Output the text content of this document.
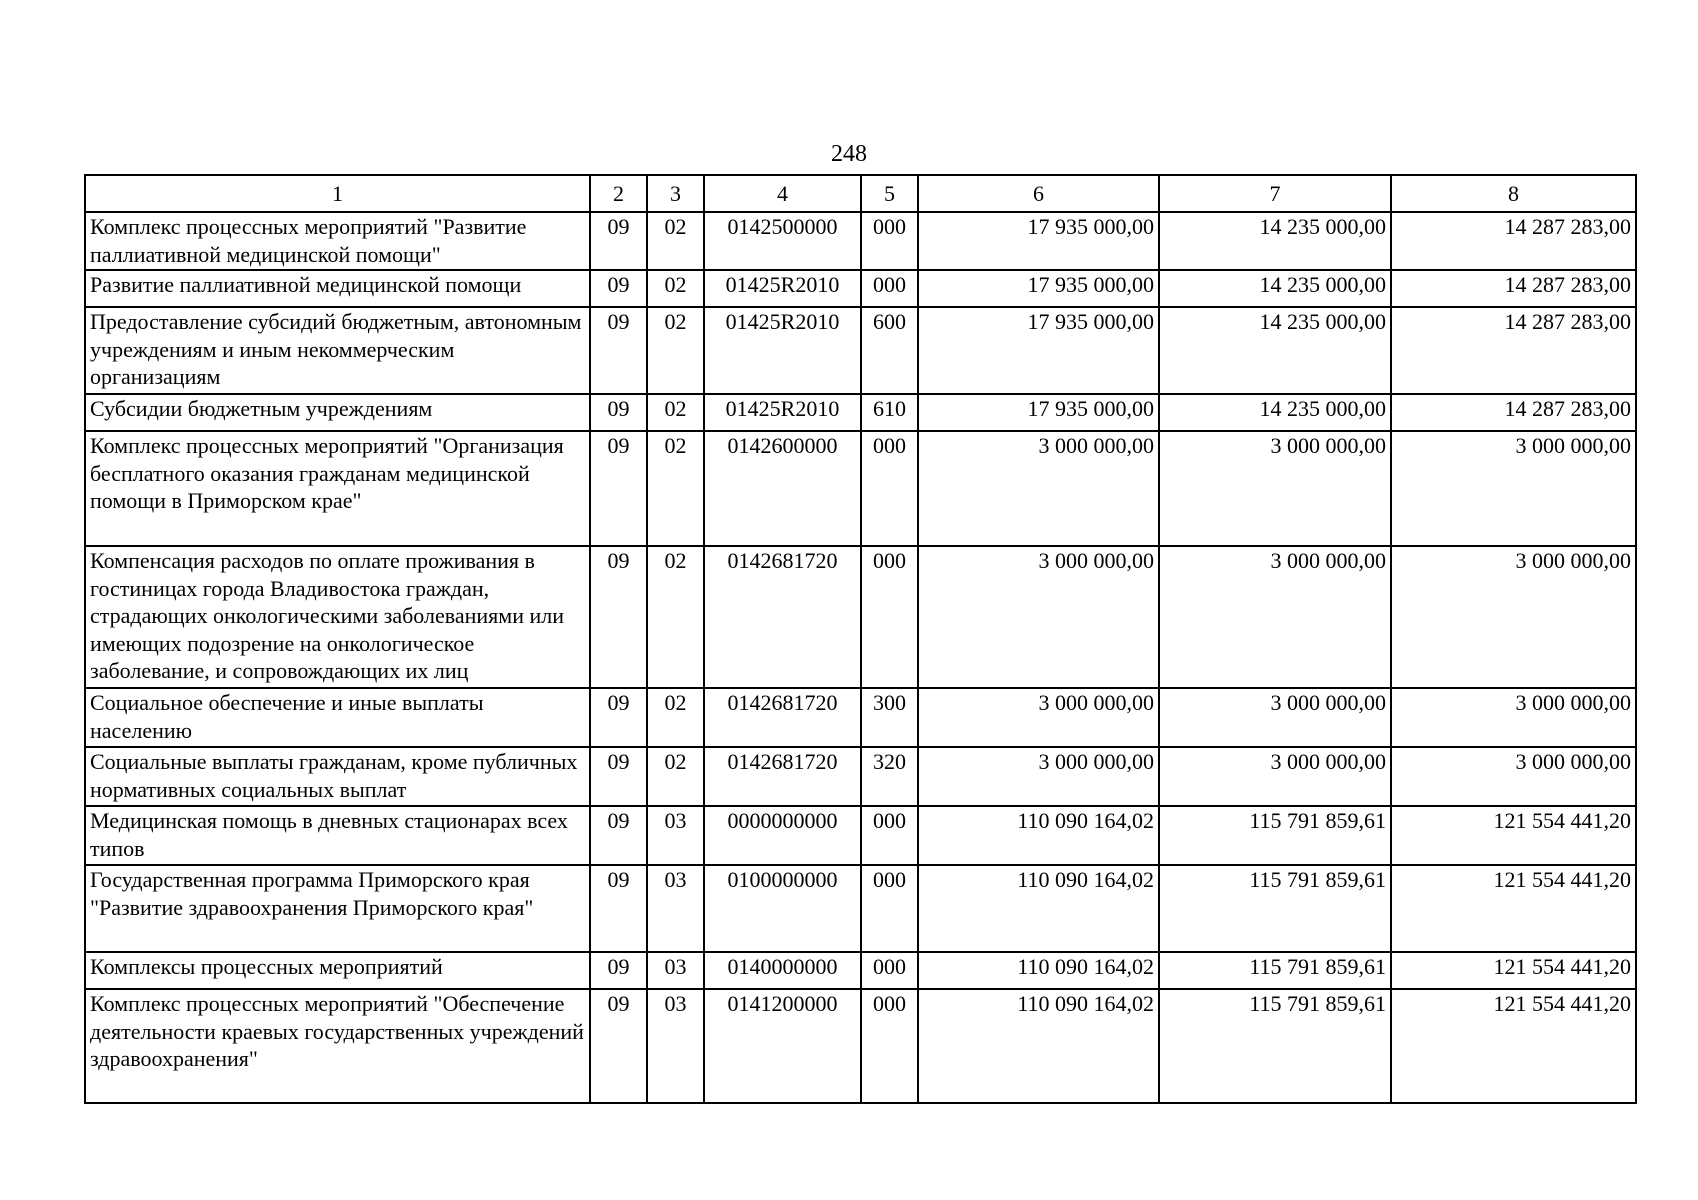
248
1	2	3	4	5	6	7	8
Комплекс процессных мероприятий "Развитие паллиативной медицинской помощи"	09	02	0142500000	000	17 935 000,00	14 235 000,00	14 287 283,00
Развитие паллиативной медицинской помощи	09	02	01425R2010	000	17 935 000,00	14 235 000,00	14 287 283,00
Предоставление субсидий бюджетным, автономным учреждениям и иным некоммерческим организациям	09	02	01425R2010	600	17 935 000,00	14 235 000,00	14 287 283,00
Субсидии бюджетным учреждениям	09	02	01425R2010	610	17 935 000,00	14 235 000,00	14 287 283,00
Комплекс процессных мероприятий "Организация бесплатного оказания гражданам медицинской помощи в Приморском крае"	09	02	0142600000	000	3 000 000,00	3 000 000,00	3 000 000,00
Компенсация расходов по оплате проживания в гостиницах города Владивостока граждан, страдающих онкологическими заболеваниями или имеющих подозрение на онкологическое заболевание, и сопровождающих их лиц	09	02	0142681720	000	3 000 000,00	3 000 000,00	3 000 000,00
Социальное обеспечение и иные выплаты населению	09	02	0142681720	300	3 000 000,00	3 000 000,00	3 000 000,00
Социальные выплаты гражданам, кроме публичных нормативных социальных выплат	09	02	0142681720	320	3 000 000,00	3 000 000,00	3 000 000,00
Медицинская помощь в дневных стационарах всех типов	09	03	0000000000	000	110 090 164,02	115 791 859,61	121 554 441,20
Государственная программа Приморского края "Развитие здравоохранения Приморского края"	09	03	0100000000	000	110 090 164,02	115 791 859,61	121 554 441,20
Комплексы процессных мероприятий	09	03	0140000000	000	110 090 164,02	115 791 859,61	121 554 441,20
Комплекс процессных мероприятий "Обеспечение деятельности краевых государственных учреждений здравоохранения"	09	03	0141200000	000	110 090 164,02	115 791 859,61	121 554 441,20
